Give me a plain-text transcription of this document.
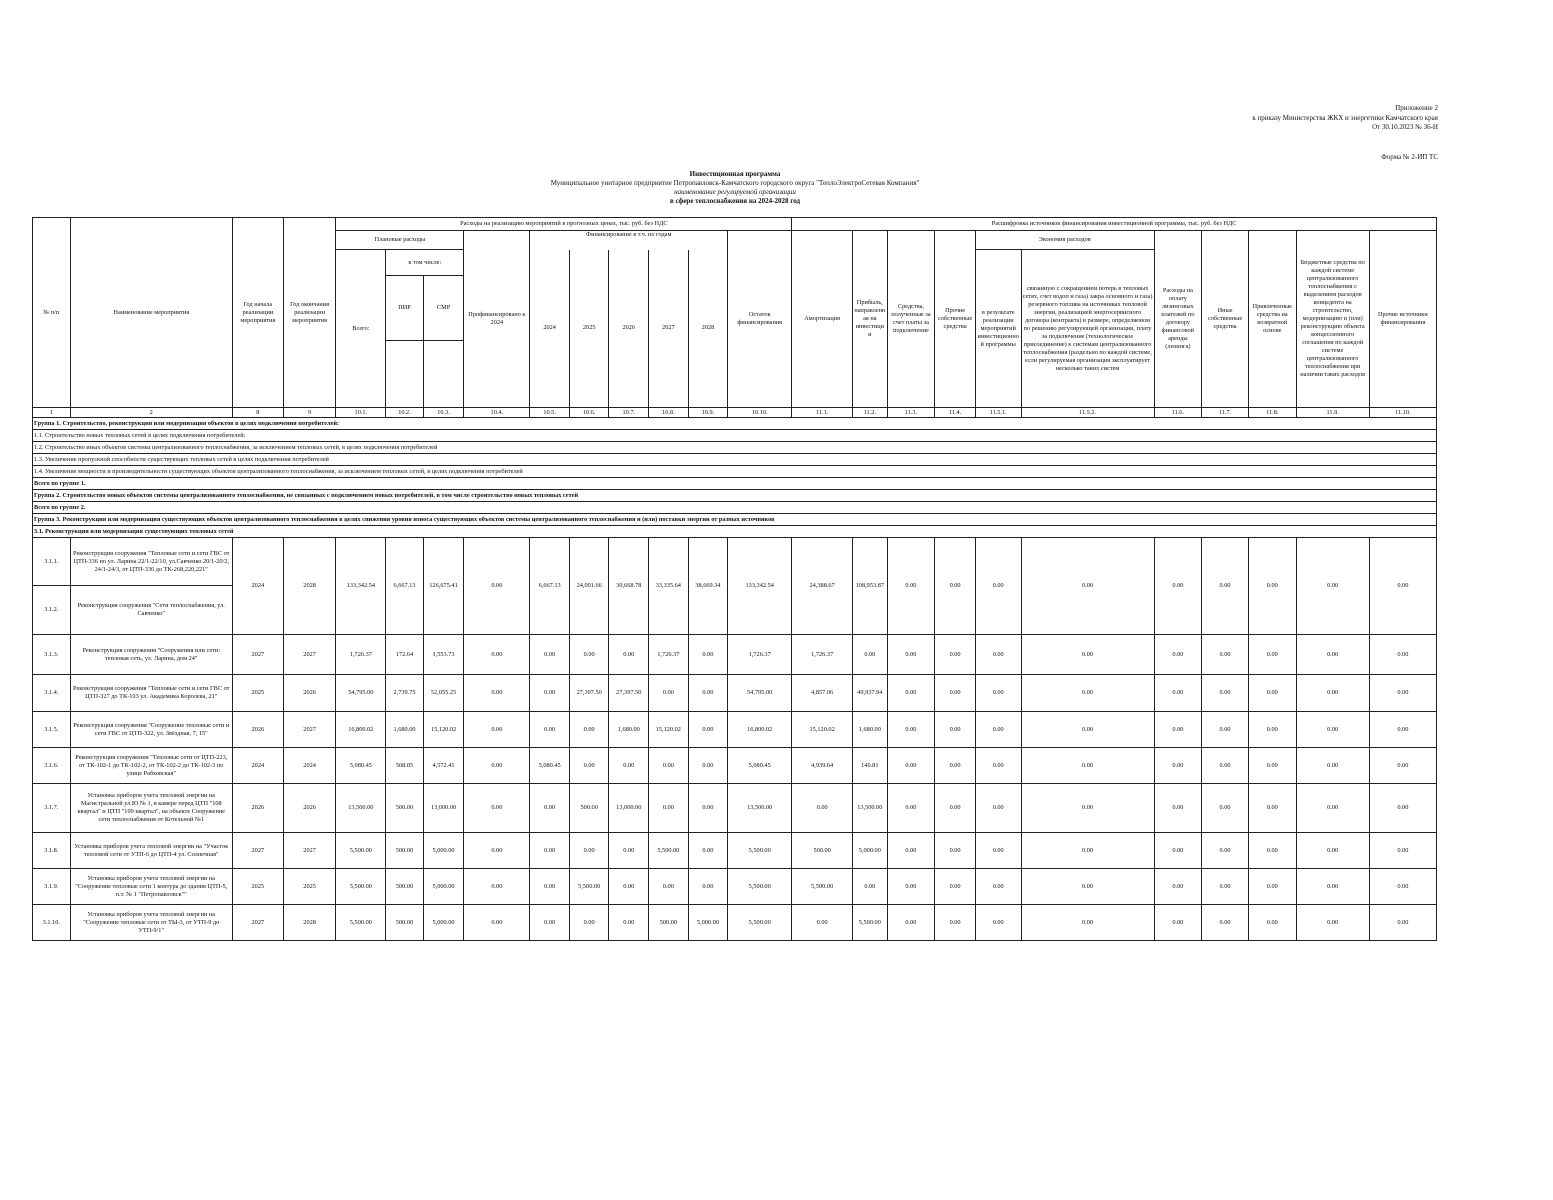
Приложение 2
к приказу Министерства ЖКХ и энергетики Камчатского края
От 30.10.2023 № 36-Н
Форма № 2-ИП ТС
Инвестиционная программа
Муниципальное унитарное предприятие Петропавловск-Камчатского городского округа "ТеплоЭлектроСетевая Компания"
наименование регулируемой организации
в сфере теплоснабжения на 2024-2028 год
№ п/п	Наименование мероприятия	Год начала реализации мероприятия	Год окончания реализации мероприятия	Расходы на реализацию мероприятий в прогнозных ценах, тыс. руб. без НДС										Расшифровка источников финансирования инвестиционной программы, тыс. руб. без НДС										
				Плановые расходы			Профинансировано к 2024	Финансирование в т.ч. по годам					Остаток финансирования	Амортизация	Прибыль, направленная на инвестиции	Средства, полученные за счет платы за подключение	Прочие собственные средства	Экономия расходов		Расходы на оплату лизинговых платежей по договору финансовой аренды (лизинга)	Иные собственные средства	Привлеченные средства на возвратной основе	Бюджетные средства по каждой системе централизованного теплоснабжения с выделением расходов концедента на строительство, модернизацию и (или) реконструкцию объекта концессионного соглашения по каждой системе централизованного теплоснабжения при наличии таких расходов	Прочие источники финансирования
				Всего:	в том числе:			2024	2025	2026	2027	2028						в результате реализации мероприятий инвестиционной программы	связанную с сокращением потерь в тепловых сетях, счет водоп и газа) закра основного и газа) резервного топлива на источниках тепловой энергии, реализацией энергосервисного договора (контракта) в размере, определяемом по решению регулирующей организации, плату за подключение (технологическое присоединение) к системам централизованного теплоснабжения (раздельно по каждой системе, если регулируемая организация эксплуатирует несколько таких систем					
					ПИР	СМР																		

1	2	8	9	10.1.	10.2.	10.3.	10.4.	10.5.	10.6.	10.7.	10.8.	10.9.	10.10.	11.1.	11.2.	11.3.	11.4.	11.5.1.	11.5.2.	11.6.	11.7.	11.8.	11.9.	11.10.
Группа 1. Строительство, реконструкция или модернизация объектов в целях подключения потребителей:																								
1.1. Строительство новых тепловых сетей в целях подключения потребителей:																								
1.2. Строительство иных объектов системы централизованного теплоснабжения, за исключением тепловых сетей, в целях подключения потребителей																								
1.3. Увеличение пропускной способности существующих тепловых сетей в целях подключения потребителей																								
1.4. Увеличение мощности и производительности существующих объектов централизованного теплоснабжения, за исключением тепловых сетей, в целях подключения потребителей																								
Всего по группе 1.																								
Группа 2. Строительство новых объектов системы централизованного теплоснабжения, не связанных с подключением новых потребителей, в том числе строительство новых тепловых сетей																								
Всего по группе 2.																								
Группа 3. Реконструкция или модернизация существующих объектов централизованного теплоснабжения в целях снижения уровня износа существующих объектов системы централизованного теплоснабжения и (или) поставки энергии от разных источников																								
3.1. Реконструкция или модернизация существующих тепловых сетей																								
3.1.1.	Реконструкция сооружения "Тепловые сети и сети ГВС от ЦТП-336 по ул. Ларина 22/1-22/10, ул.Савченко 20/1-20/2, 24/1-24/3, от ЦТП-336 до ТК-268,220,221"	2024	2028	133,342.54	6,667.13	126,675.41	0.00	6,667.13	24,001.66	30,668.78	33,335.64	38,669.34	133,342.54	24,388.67	108,953.87	0.00	0.00	0.00	0.00	0.00	0.00	0.00	0.00	0.00
3.1.2.	Реконструкция сооружения "Сети теплоснабжения, ул. Савченко"																							
3.1.3.	Реконструкция сооружения "Сооружения или сети: тепловая сеть, ул. Ларина, дом 24"	2027	2027	1,726.37	172.64	1,553.73	0.00	0.00	0.00	0.00	1,726.37	0.00	1,726.37	1,726.37	0.00	0.00	0.00	0.00	0.00	0.00	0.00	0.00	0.00	0.00
3.1.4.	Реконструкция сооружения "Тепловые сети и сети ГВС от ЦТП-327 до ТК-103 ул. Академика Королева, 21"	2025	2026	54,795.00	2,739.75	52,055.25	0.00	0.00	27,397.50	27,397.50	0.00	0.00	54,795.00	4,857.06	49,937.94	0.00	0.00	0.00	0.00	0.00	0.00	0.00	0.00	0.00
3.1.5.	Реконструкция сооружения "Сооружение тепловые сети и сети ГВС от ЦТП-322, ул. Звёздная, 7, 15"	2026	2027	16,800.02	1,680.00	15,120.02	0.00	0.00	0.00	1,680.00	15,120.02	0.00	16,800.02	15,120.02	1,680.00	0.00	0.00	0.00	0.00	0.00	0.00	0.00	0.00	0.00
3.1.6.	Реконструкция сооружения "Тепловые сети от ЦТП-223, от ТК-102-1 до ТК-102-2, от ТК-102-2 до ТК-102-3 по улице Рабховская"	2024	2024	5,080.45	508.05	4,572.41	0.00	5,080.45	0.00	0.00	0.00	0.00	5,080.45	4,939.64	140.81	0.00	0.00	0.00	0.00	0.00	0.00	0.00	0.00	0.00
3.1.7.	Установка приборов учета тепловой энергии на Магистральной ул.Ю № 1, в камере перед ЦТП "108 квартал" и ЦТП "109 квартал", на объекте Сооружение сети теплоснабжения от Котельной №1	2026	2026	13,500.00	500.00	13,000.00	0.00	0.00	500.00	13,000.00	0.00	0.00	13,500.00	0.00	13,500.00	0.00	0.00	0.00	0.00	0.00	0.00	0.00	0.00	0.00
3.1.8.	Установка приборов учета тепловой энергии на "Участок тепловой сети от УТП-6 до ЦТП-4 ул. Солнечная"	2027	2027	5,500.00	500.00	5,000.00	0.00	0.00	0.00	0.00	5,500.00	0.00	5,500.00	500.00	5,000.00	0.00	0.00	0.00	0.00	0.00	0.00	0.00	0.00	0.00
3.1.9.	Установка приборов учета тепловой энергии на "Сооружение тепловые сети 1 контура до здания ЦТП-5, п.т. № 1 "Петропавловск""	2025	2025	5,500.00	500.00	5,000.00	0.00	0.00	5,500.00	0.00	0.00	0.00	5,500.00	5,500.00	0.00	0.00	0.00	0.00	0.00	0.00	0.00	0.00	0.00	0.00
3.1.10.	Установка приборов учета тепловой энергии на "Сооружение тепловые сети от ТЫ-3, от УТП-9 до УТП-9/1"	2027	2028	5,500.00	500.00	5,000.00	0.00	0.00	0.00	0.00	500.00	5,000.00	5,500.00	0.00	5,500.00	0.00	0.00	0.00	0.00	0.00	0.00	0.00	0.00	0.00
